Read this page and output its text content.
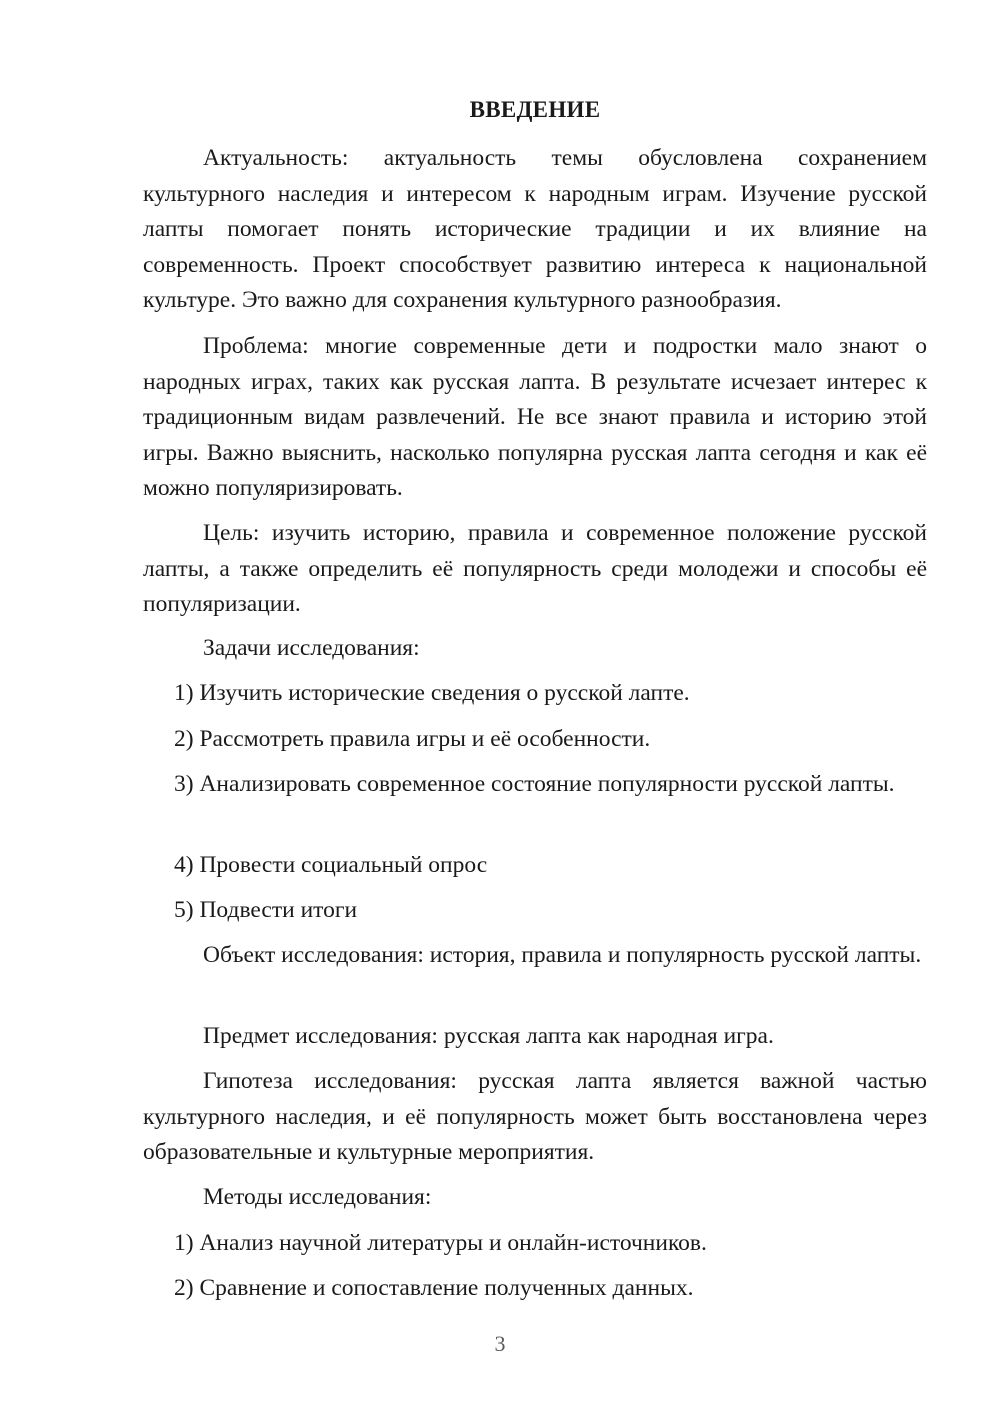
ВВЕДЕНИЕ

Актуальность: актуальность темы обусловлена сохранением культурного наследия и интересом к народным играм. Изучение русской лапты помогает понять исторические традиции и их влияние на современность. Проект способствует развитию интереса к национальной культуре. Это важно для сохранения культурного разнообразия.

Проблема: многие современные дети и подростки мало знают о народных играх, таких как русская лапта. В результате исчезает интерес к традиционным видам развлечений. Не все знают правила и историю этой игры. Важно выяснить, насколько популярна русская лапта сегодня и как её можно популяризировать.

Цель: изучить историю, правила и современное положение русской лапты, а также определить её популярность среди молодежи и способы её популяризации.

Задачи исследования:

1) Изучить исторические сведения о русской лапте.

2) Рассмотреть правила игры и её особенности.

3) Анализировать современное состояние популярности русской лапты.

4) Провести социальный опрос

5) Подвести итоги

Объект исследования: история, правила и популярность русской лапты.

Предмет исследования: русская лапта как народная игра.

Гипотеза исследования: русская лапта является важной частью культурного наследия, и её популярность может быть восстановлена через образовательные и культурные мероприятия.

Методы исследования:

1) Анализ научной литературы и онлайн-источников.

2) Сравнение и сопоставление полученных данных.

3
